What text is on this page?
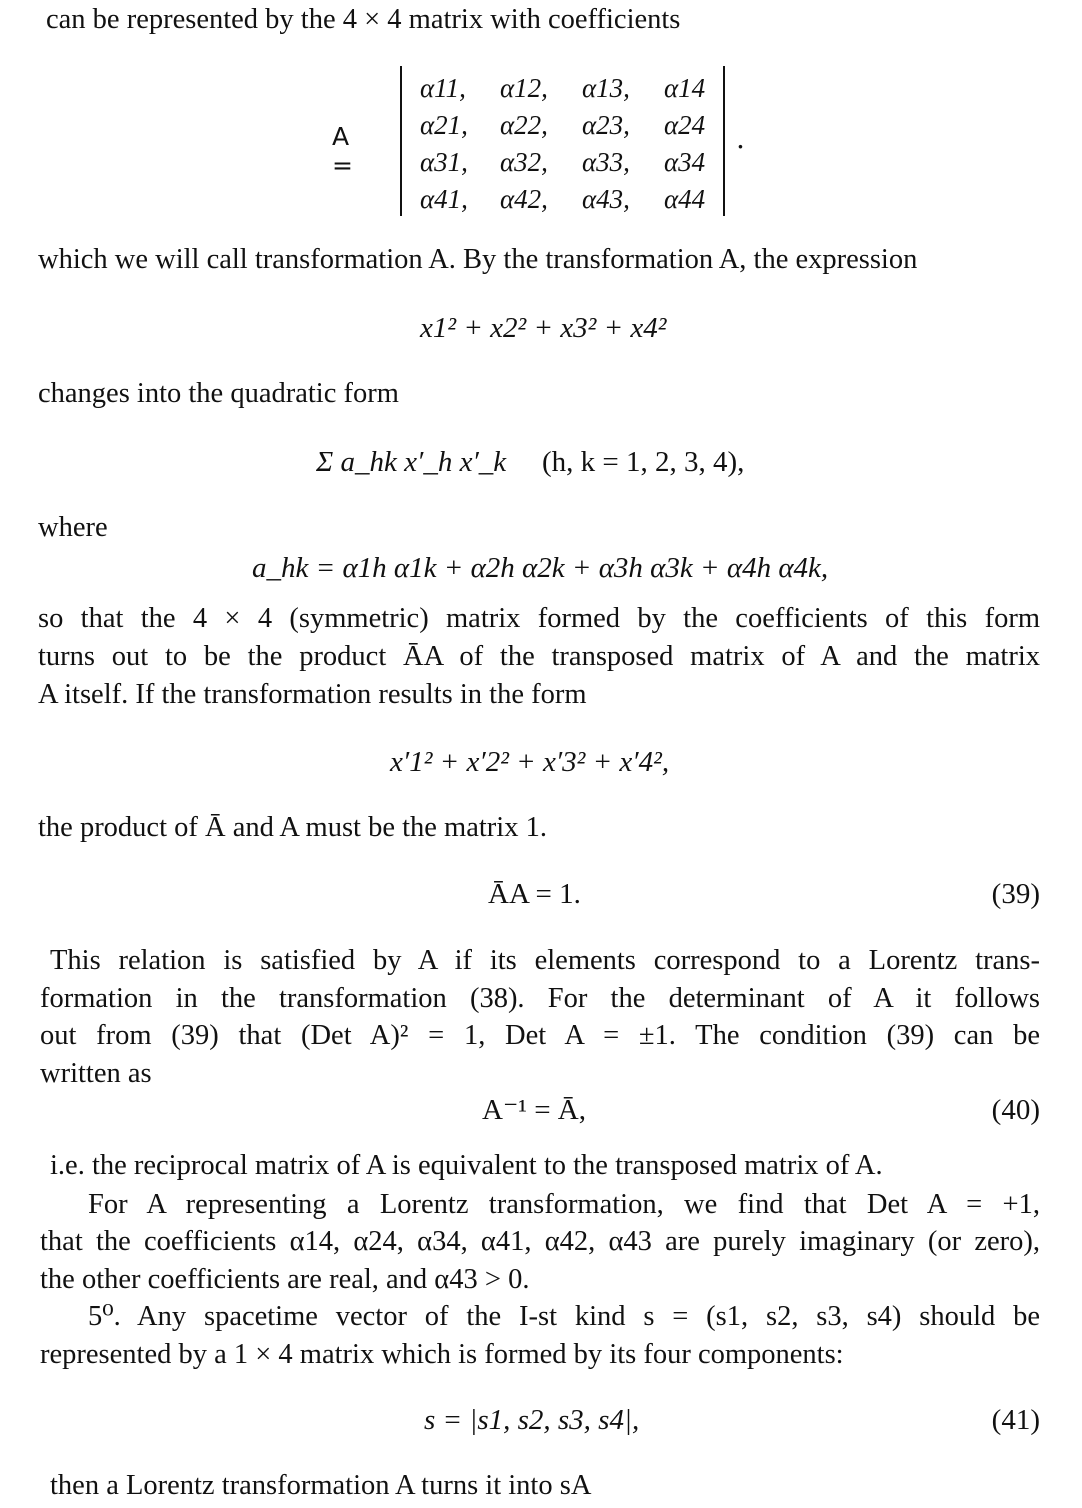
can be represented by the 4 × 4 matrix with coefficients
A =
α11,	α12,	α13,	α14
α21,	α22,	α23,	α24
α31,	α32,	α33,	α34
α41,	α42,	α43,	α44
.
which we will call transformation A. By the transformation A, the expression
x1² + x2² + x3² + x4²
changes into the quadratic form
Σ a_hk x′_h x′_k (h, k = 1, 2, 3, 4),
where
a_hk = α1h α1k + α2h α2k + α3h α3k + α4h α4k,
so that the 4 × 4 (symmetric) matrix formed by the coefficients of this form
turns out to be the product ĀA of the transposed matrix of A and the matrix
A itself. If the transformation results in the form
x′1² + x′2² + x′3² + x′4²,
the product of Ā and A must be the matrix 1.
ĀA = 1.	(39)
This relation is satisfied by A if its elements correspond to a Lorentz trans-
formation in the transformation (38). For the determinant of A it follows
out from (39) that (Det A)² = 1, Det A = ±1. The condition (39) can be
written as
A⁻¹ = Ā,	(40)
i.e. the reciprocal matrix of A is equivalent to the transposed matrix of A.
For A representing a Lorentz transformation, we find that Det A = +1,
that the coefficients α14, α24, α34, α41, α42, α43 are purely imaginary (or zero),
the other coefficients are real, and α43 > 0.
5⁰. Any spacetime vector of the I-st kind s = (s1, s2, s3, s4) should be
represented by a 1 × 4 matrix which is formed by its four components:
s = |s1, s2, s3, s4|,	(41)
then a Lorentz transformation A turns it into sA
